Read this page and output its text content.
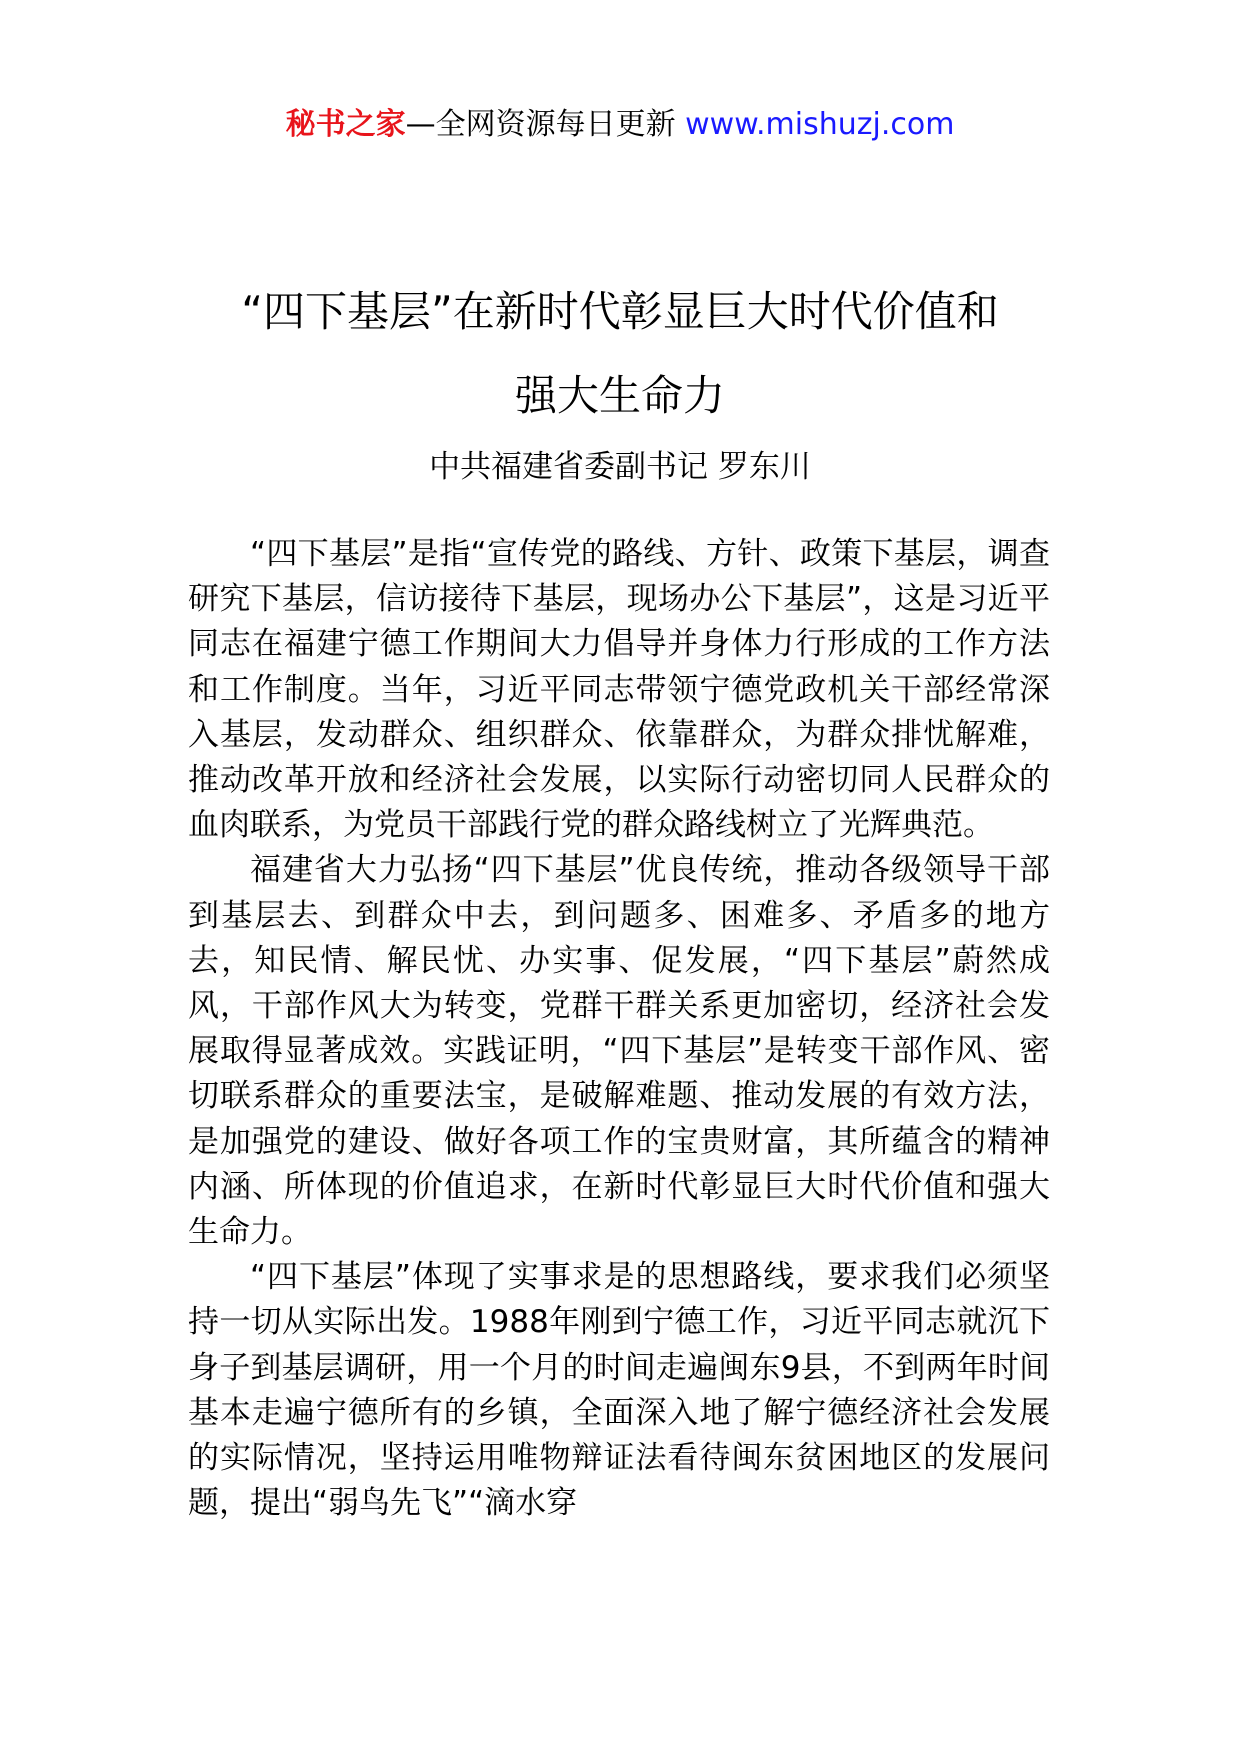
秘书之家—全网资源每日更新 www.mishuzj.com
“四下基层”在新时代彰显巨大时代价值和
强大生命力
中共福建省委副书记 罗东川

“四下基层”是指“宣传党的路线、方针、政策下基层，调查研究下基层，信访接待下基层，现场办公下基层”，这是习近平同志在福建宁德工作期间大力倡导并身体力行形成的工作方法和工作制度。当年，习近平同志带领宁德党政机关干部经常深入基层，发动群众、组织群众、依靠群众，为群众排忧解难，推动改革开放和经济社会发展，以实际行动密切同人民群众的血肉联系，为党员干部践行党的群众路线树立了光辉典范。

福建省大力弘扬“四下基层”优良传统，推动各级领导干部到基层去、到群众中去，到问题多、困难多、矛盾多的地方去，知民情、解民忧、办实事、促发展，“四下基层”蔚然成风，干部作风大为转变，党群干群关系更加密切，经济社会发展取得显著成效。实践证明，“四下基层”是转变干部作风、密切联系群众的重要法宝，是破解难题、推动发展的有效方法，是加强党的建设、做好各项工作的宝贵财富，其所蕴含的精神内涵、所体现的价值追求，在新时代彰显巨大时代价值和强大生命力。

“四下基层”体现了实事求是的思想路线，要求我们必须坚持一切从实际出发。1988年刚到宁德工作，习近平同志就沉下身子到基层调研，用一个月的时间走遍闽东9县，不到两年时间基本走遍宁德所有的乡镇，全面深入地了解宁德经济社会发展的实际情况，坚持运用唯物辩证法看待闽东贫困地区的发展问题，提出“弱鸟先飞”“滴水穿
